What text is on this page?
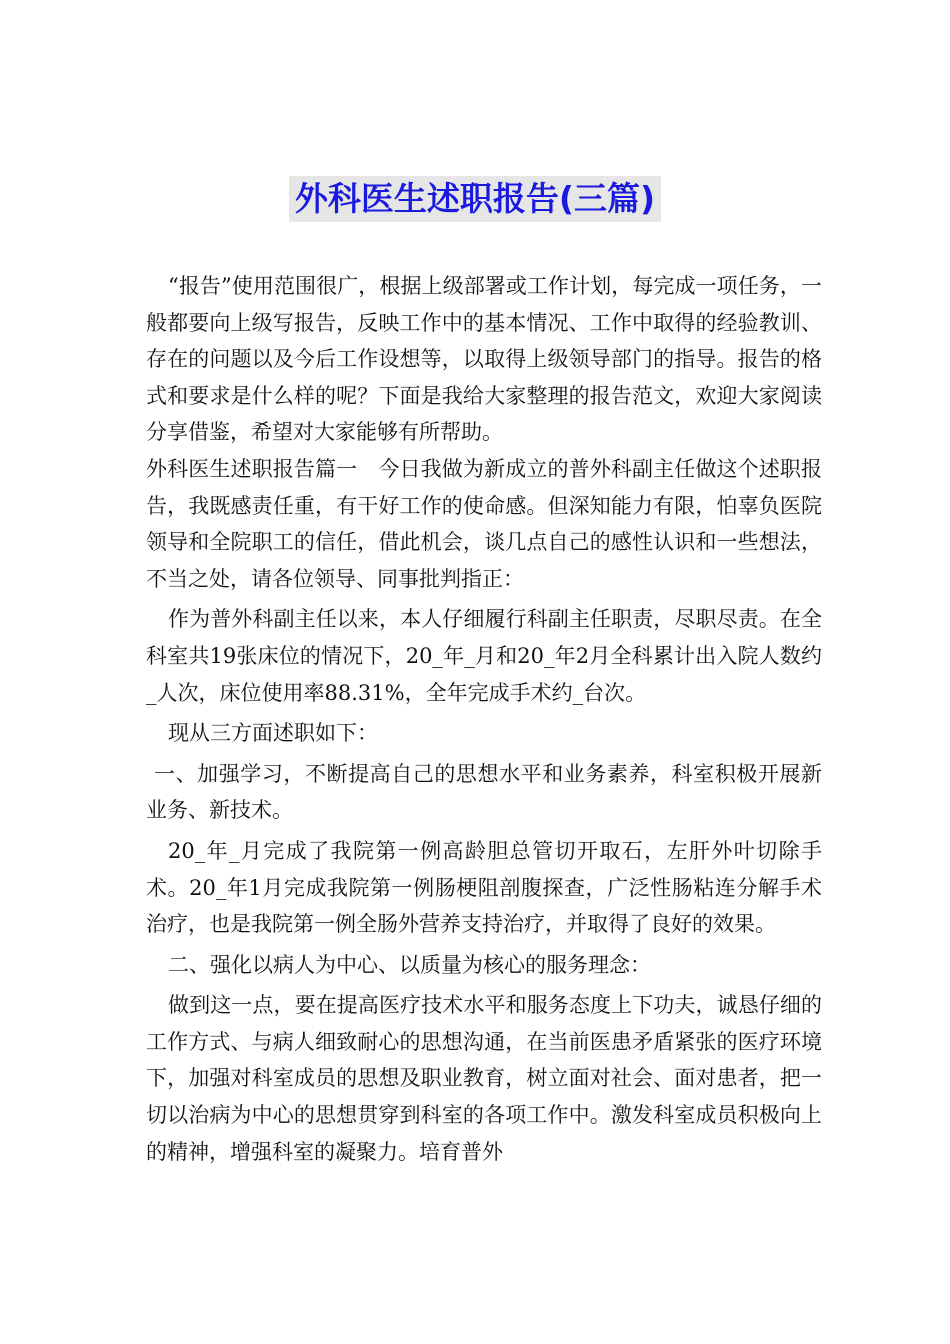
外科医生述职报告(三篇)

“报告”使用范围很广，根据上级部署或工作计划，每完成一项任务，一般都要向上级写报告，反映工作中的基本情况、工作中取得的经验教训、存在的问题以及今后工作设想等，以取得上级领导部门的指导。报告的格式和要求是什么样的呢？下面是我给大家整理的报告范文，欢迎大家阅读分享借鉴，希望对大家能够有所帮助。

外科医生述职报告篇一　今日我做为新成立的普外科副主任做这个述职报告，我既感责任重，有干好工作的使命感。但深知能力有限，怕辜负医院领导和全院职工的信任，借此机会，谈几点自己的感性认识和一些想法，不当之处，请各位领导、同事批判指正：

作为普外科副主任以来，本人仔细履行科副主任职责，尽职尽责。在全科室共19张床位的情况下，20_年_月和20_年2月全科累计出入院人数约_人次，床位使用率88.31%，全年完成手术约_台次。

现从三方面述职如下：

一、加强学习，不断提高自己的思想水平和业务素养，科室积极开展新业务、新技术。

20_年_月完成了我院第一例高龄胆总管切开取石，左肝外叶切除手术。20_年1月完成我院第一例肠梗阻剖腹探查，广泛性肠粘连分解手术治疗，也是我院第一例全肠外营养支持治疗，并取得了良好的效果。

二、强化以病人为中心、以质量为核心的服务理念：

做到这一点，要在提高医疗技术水平和服务态度上下功夫，诚恳仔细的工作方式、与病人细致耐心的思想沟通，在当前医患矛盾紧张的医疗环境下，加强对科室成员的思想及职业教育，树立面对社会、面对患者，把一切以治病为中心的思想贯穿到科室的各项工作中。激发科室成员积极向上的精神，增强科室的凝聚力。培育普外
